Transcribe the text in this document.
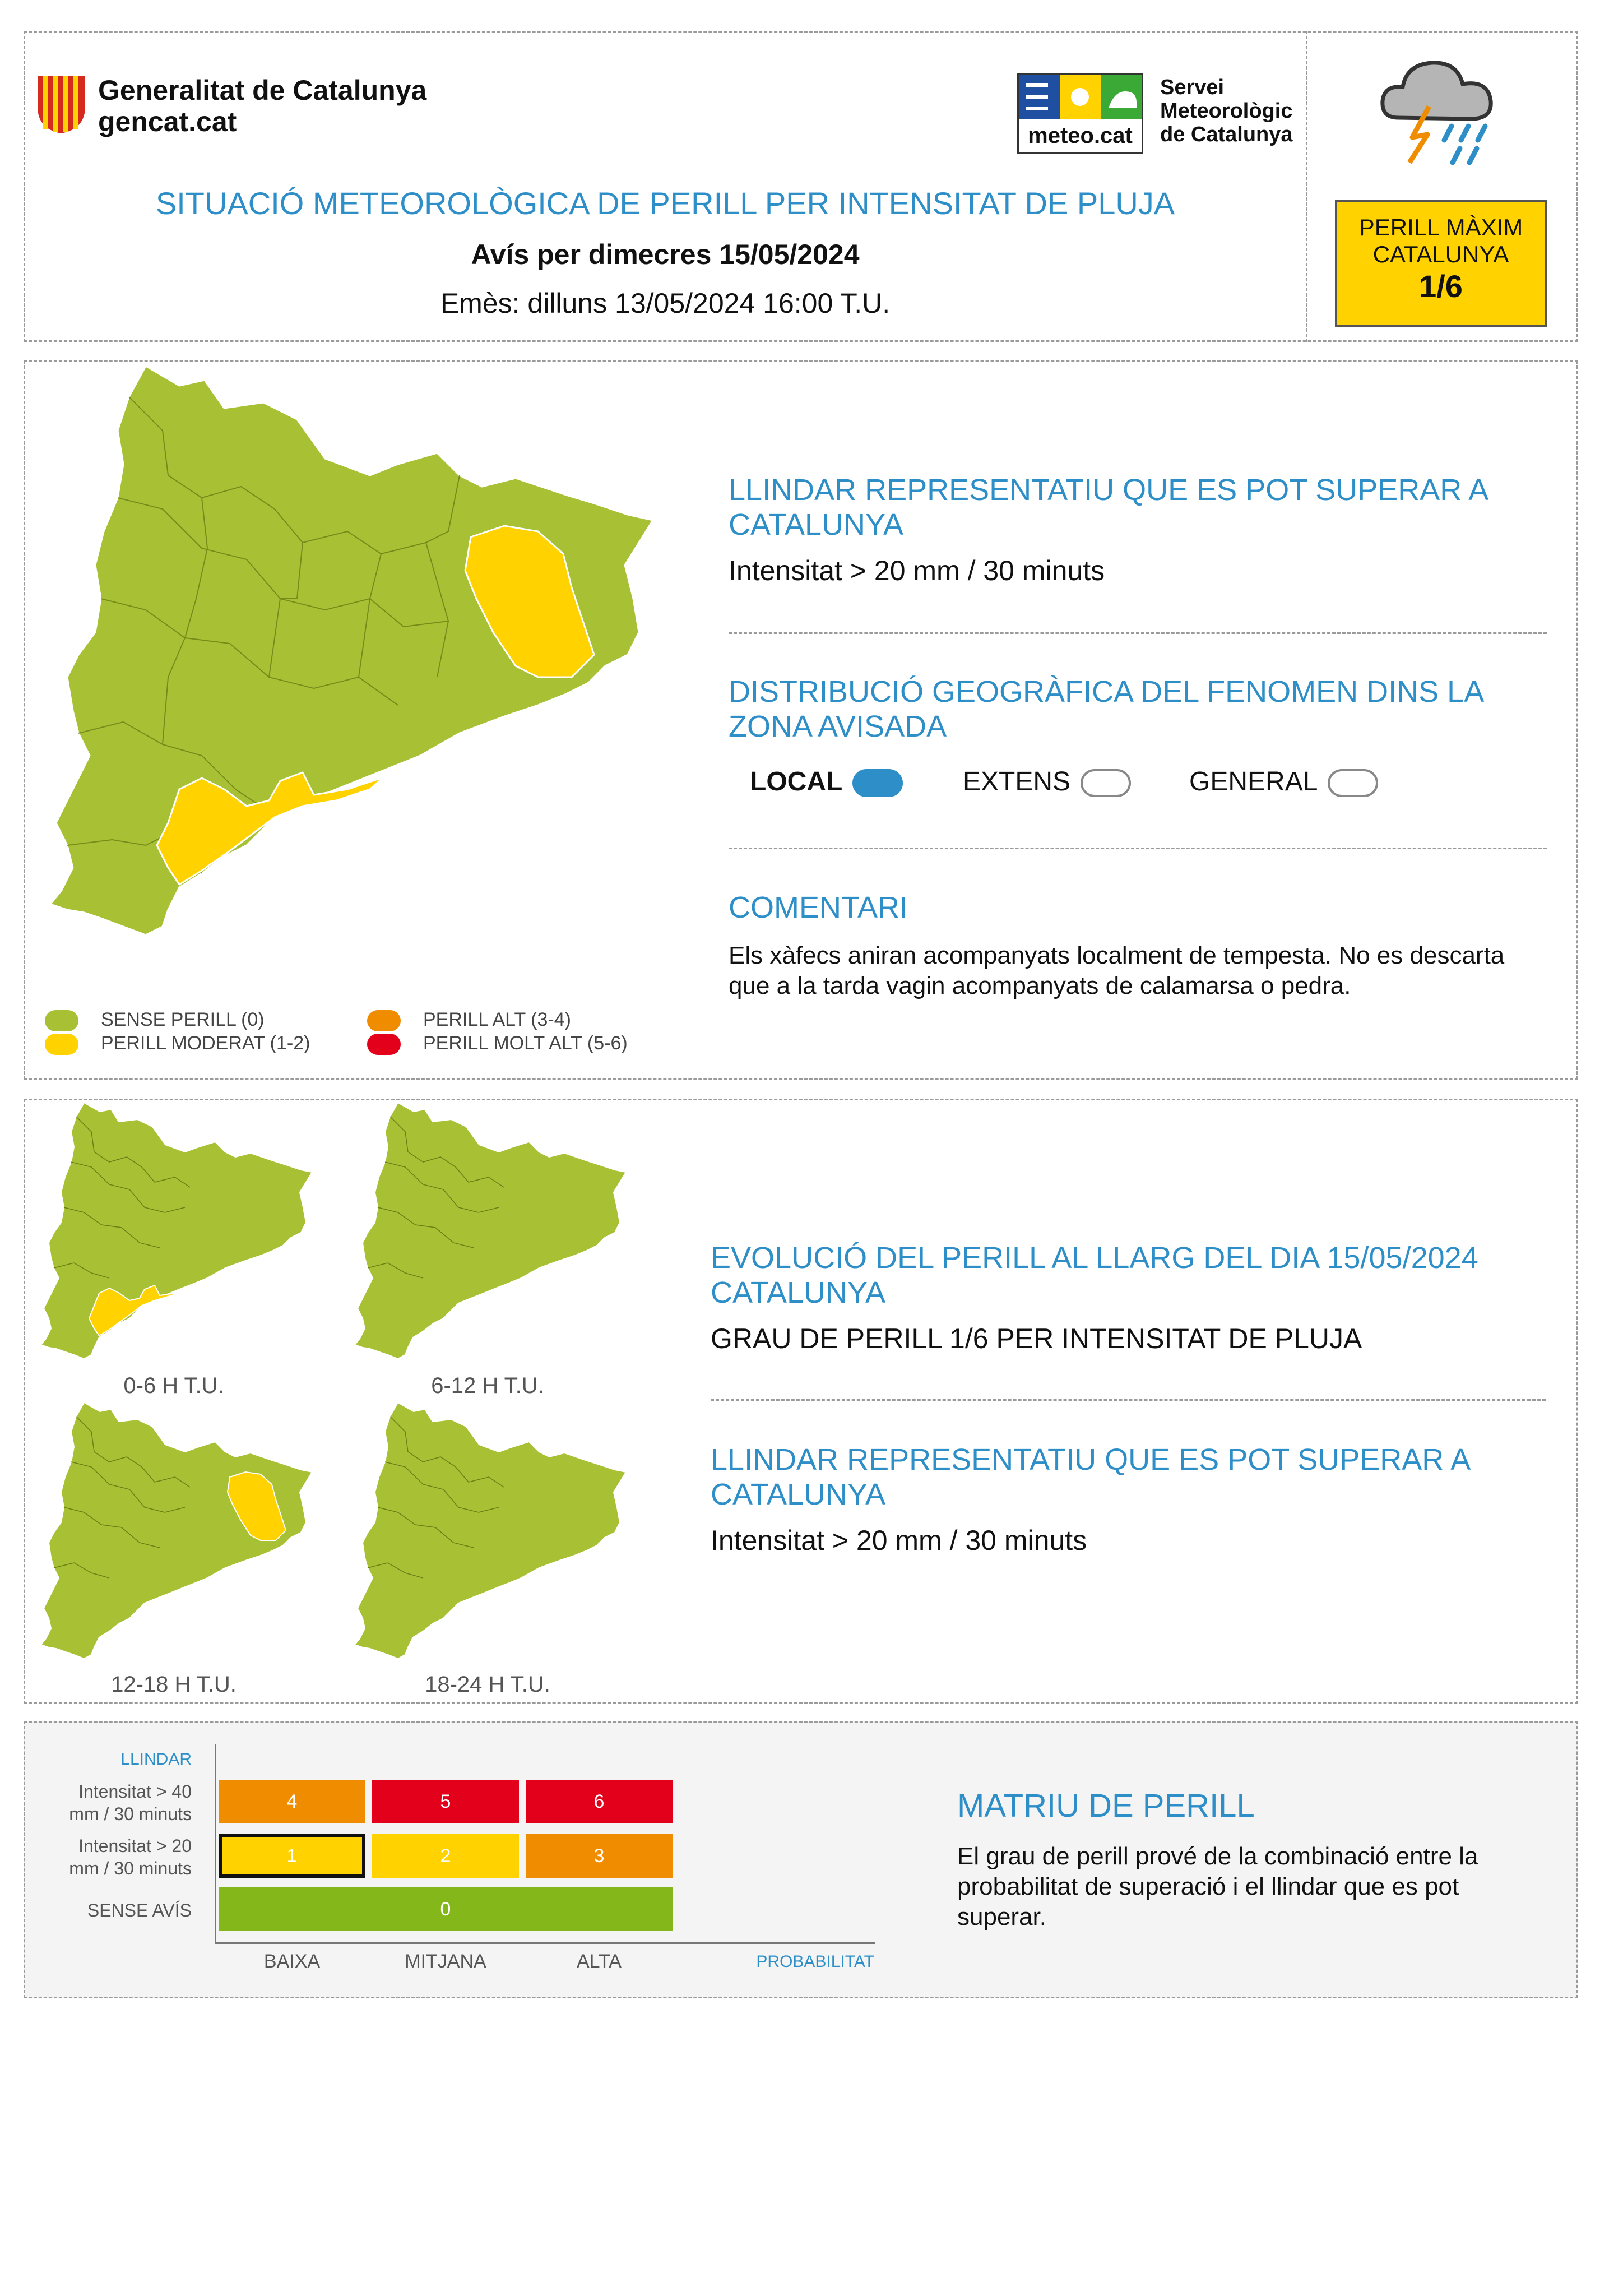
Generalitat de Catalunya
gencat.cat	meteo.cat
Servei
Meteorològic
de Catalunya
SITUACIÓ METEOROLÒGICA DE PERILL PER INTENSITAT DE PLUJA
Avís per dimecres 15/05/2024
Emès: dilluns 13/05/2024 16:00 T.U.
PERILL MÀXIM
CATALUNYA
1/6
SENSE PERILL (0)
PERILL MODERAT (1-2)
PERILL ALT (3-4)
PERILL MOLT ALT (5-6)

LLINDAR REPRESENTATIU QUE ES POT SUPERAR A CATALUNYA

Intensitat > 20 mm / 30 minuts

DISTRIBUCIÓ GEOGRÀFICA DEL FENOMEN DINS LA ZONA AVISADA

LOCAL	EXTENS	GENERAL

COMENTARI

Els xàfecs aniran acompanyats localment de tempesta. No es descarta que a la tarda vagin acompanyats de calamarsa o pedra.
0-6 H T.U.	6-12 H T.U.
12-18 H T.U.	18-24 H T.U.

EVOLUCIÓ DEL PERILL AL LLARG DEL DIA 15/05/2024 CATALUNYA

GRAU DE PERILL 1/6 PER INTENSITAT DE PLUJA

LLINDAR REPRESENTATIU QUE ES POT SUPERAR A CATALUNYA

Intensitat > 20 mm / 30 minuts
LLINDAR
Intensitat > 40 mm / 30 minuts
Intensitat > 20 mm / 30 minuts
SENSE AVÍS
4	5	6
1	2	3
0
BAIXA	MITJANA	ALTA	PROBABILITAT

MATRIU DE PERILL

El grau de perill prové de la combinació entre la probabilitat de superació i el llindar que es pot superar.
